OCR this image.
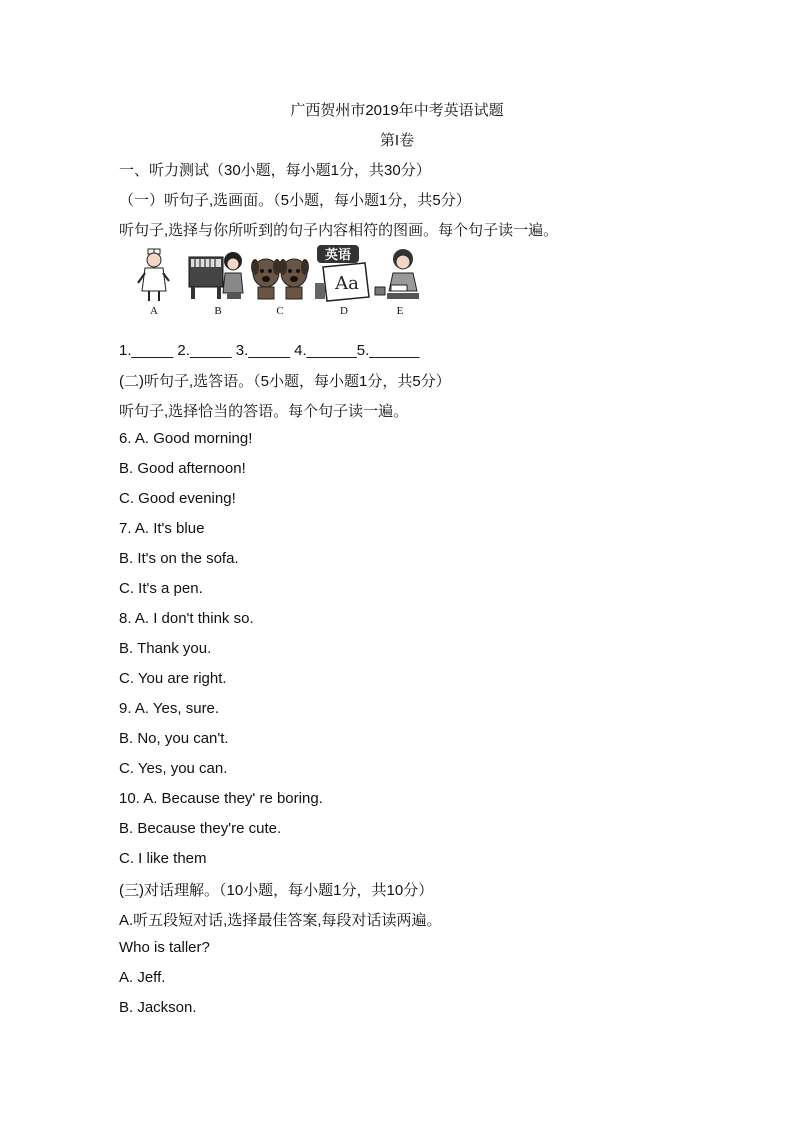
广西贺州市2019年中考英语试题
第I卷
一、听力测试（30小题，每小题1分，共30分）
（一）听句子,选画面。（5小题，每小题1分，共5分）
听句子,选择与你所听到的句子内容相符的图画。每个句子读一遍。
A	B	C
英语
Aa
D	E
1._____ 2._____ 3._____ 4.______5.______
(二)听句子,选答语。（5小题，每小题1分，共5分）
听句子,选择恰当的答语。每个句子读一遍。
6. A. Good morning!
B. Good afternoon!
C. Good evening!
7. A. It's blue
B. It's on the sofa.
C. It's a pen.
8. A. I don't think so.
B. Thank you.
C. You are right.
9. A. Yes, sure.
B. No, you can't.
C. Yes, you can.
10. A. Because they' re boring.
B. Because they're cute.
C. I like them
(三)对话理解。（10小题，每小题1分，共10分）
A.听五段短对话,选择最佳答案,每段对话读两遍。
Who is taller?
A. Jeff.
B. Jackson.
